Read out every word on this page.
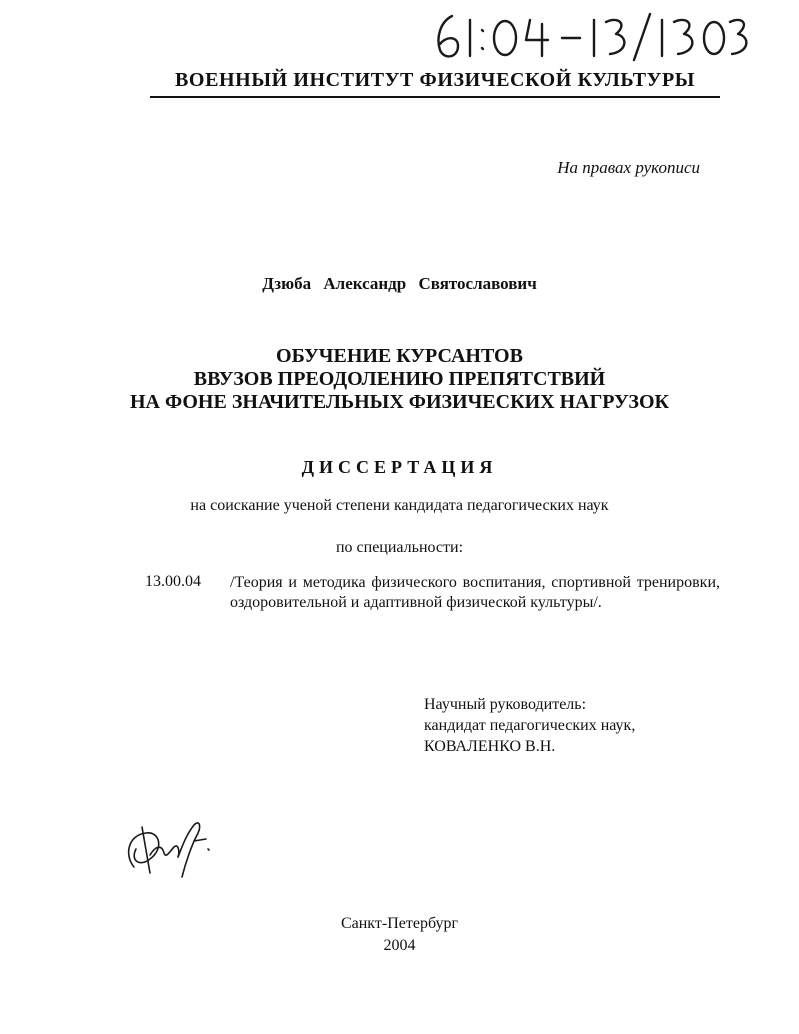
ВОЕННЫЙ ИНСТИТУТ ФИЗИЧЕСКОЙ КУЛЬТУРЫ
На правах рукописи
Дзюба Александр Святославович
ОБУЧЕНИЕ КУРСАНТОВ
ВВУЗОВ ПРЕОДОЛЕНИЮ ПРЕПЯТСТВИЙ
НА ФОНЕ ЗНАЧИТЕЛЬНЫХ ФИЗИЧЕСКИХ НАГРУЗОК
ДИССЕРТАЦИЯ
на соискание ученой степени кандидата педагогических наук
по специальности:
13.00.04 /Теория и методика физического воспитания, спортивной тренировки, оздоровительной и адаптивной физической культуры/.
Научный руководитель:
кандидат педагогических наук,
КОВАЛЕНКО В.Н.
Санкт-Петербург
2004
